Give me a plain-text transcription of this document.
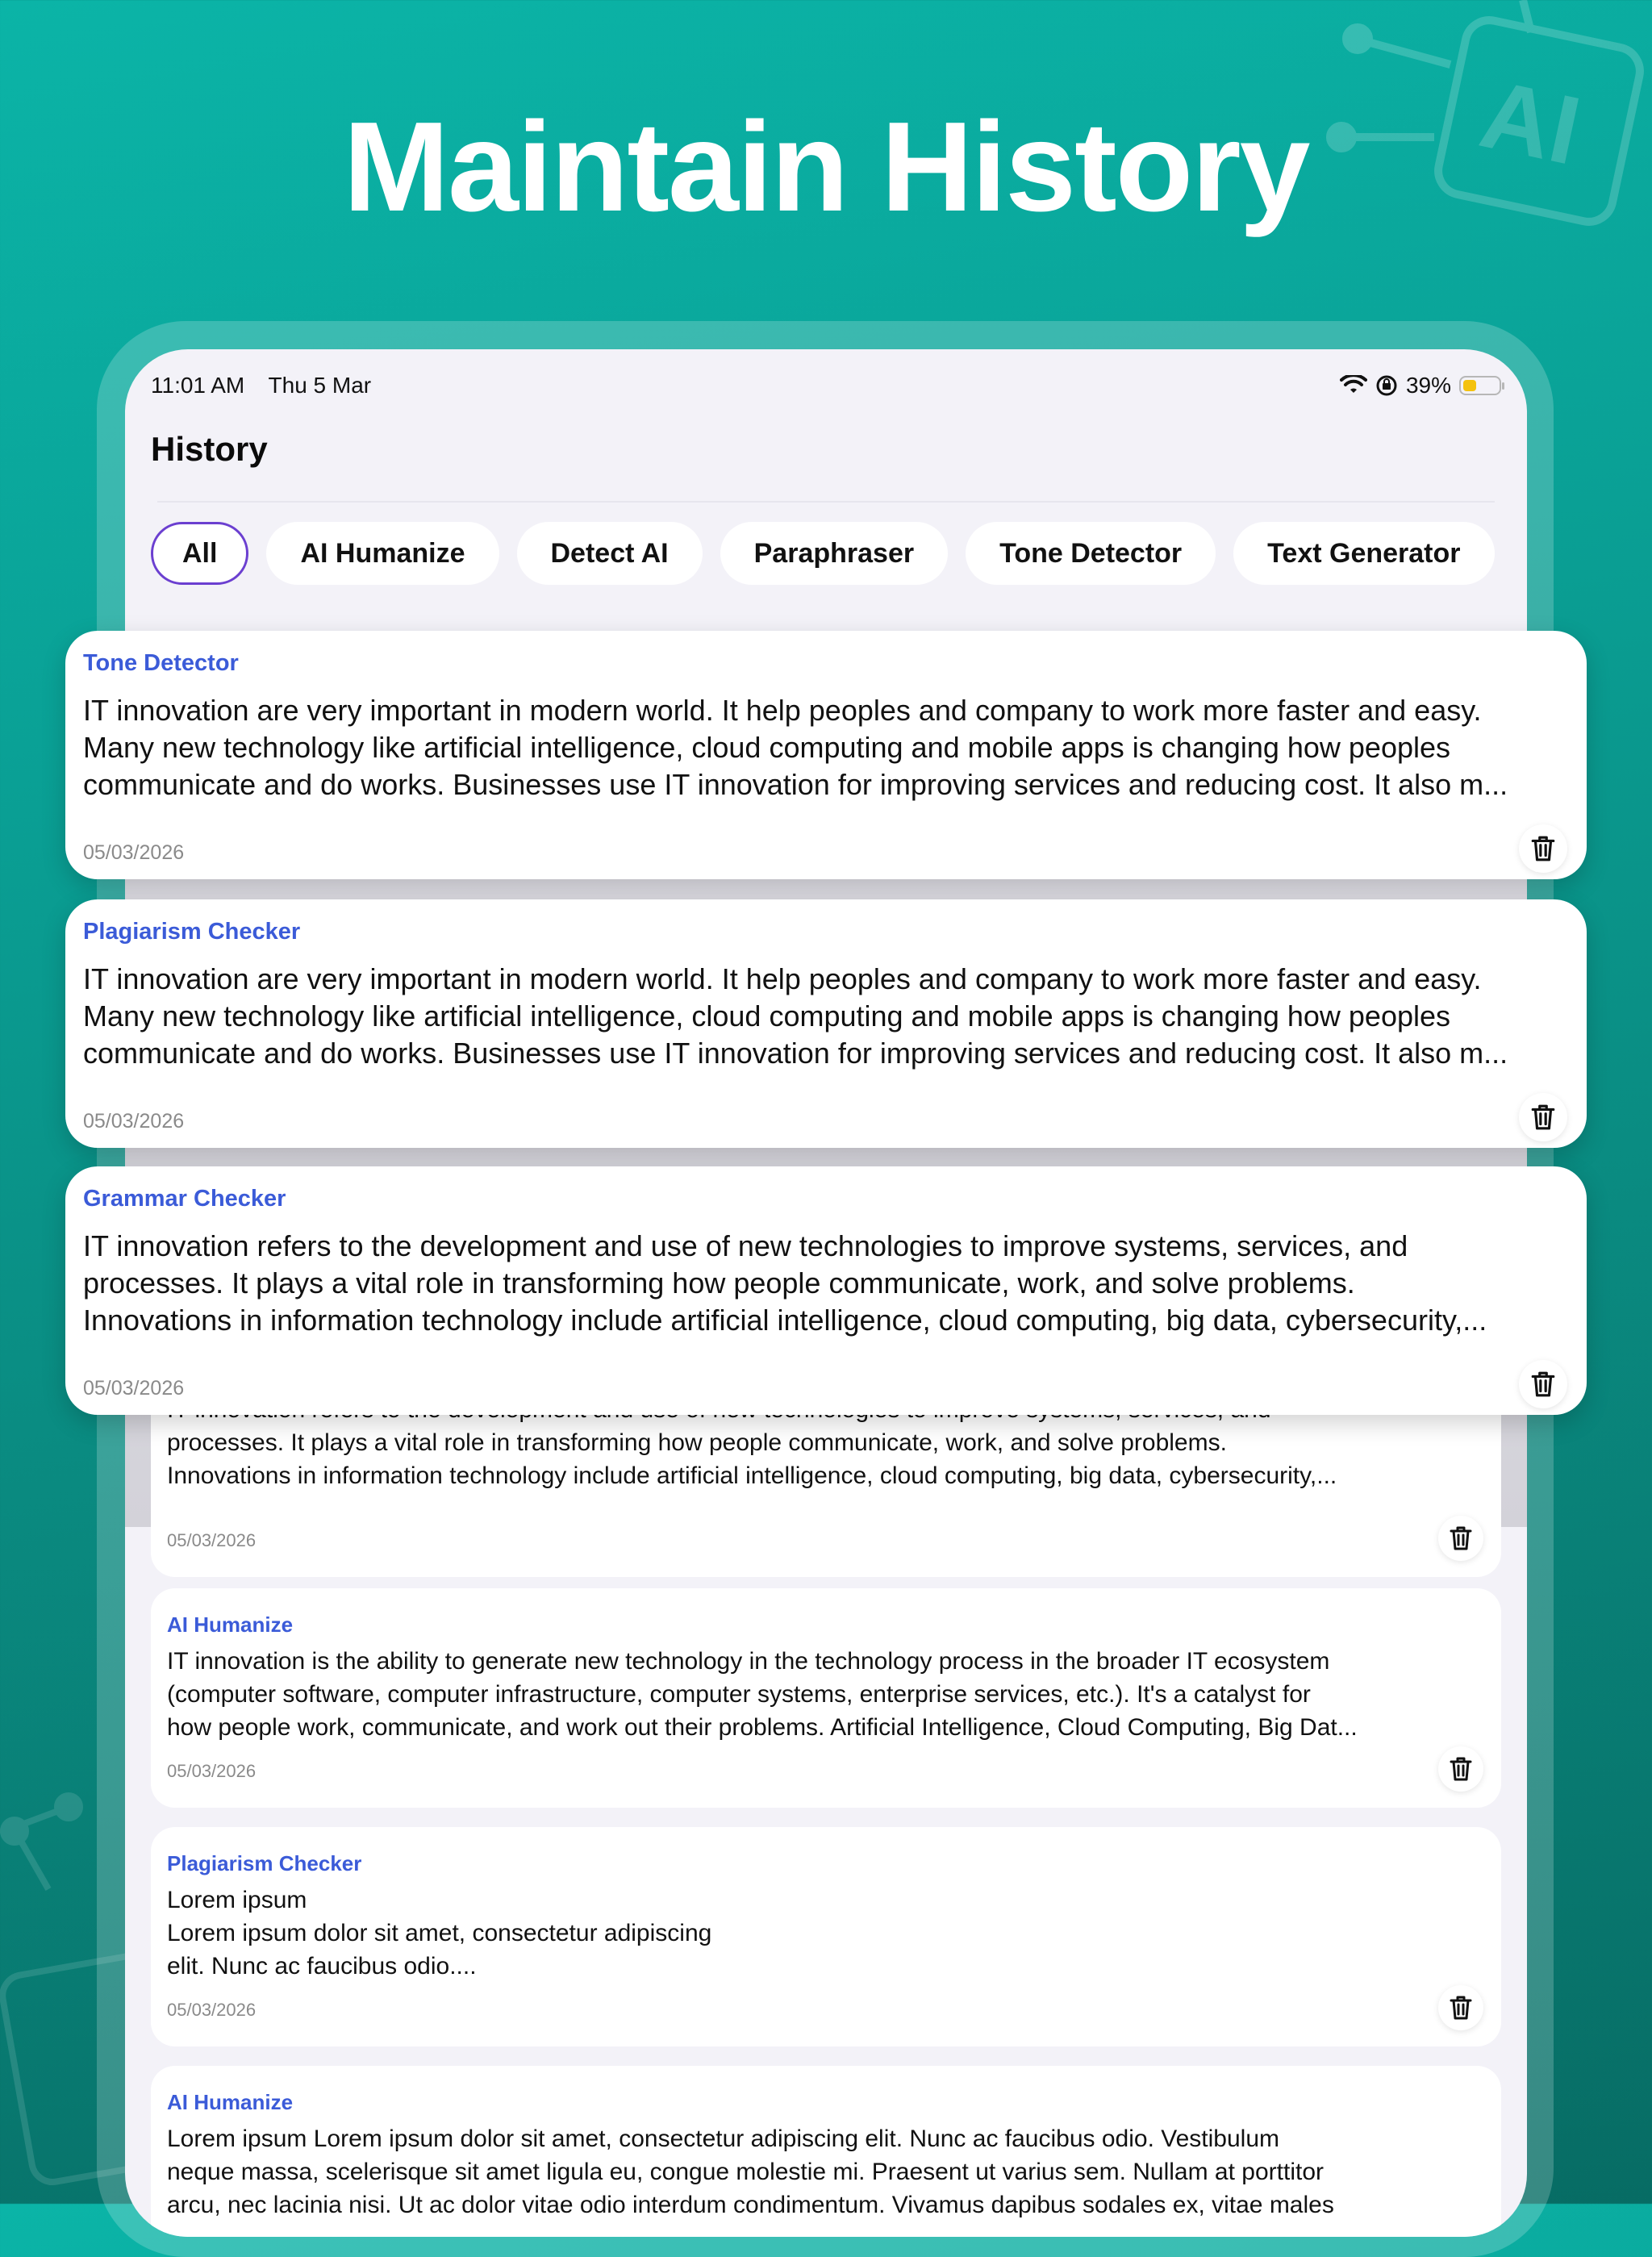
AI
Maintain History
11:01 AM Thu 5 Mar	39%
History
All	AI Humanize	Detect AI	Paraphraser	Tone Detector	Text Generator

processes. It plays a vital role in transforming how people communicate, work, and solve problems.

Innovations in information technology include artificial intelligence, cloud computing, big data, cybersecurity,...

05/03/2026
AI Humanize

IT innovation is the ability to generate new technology in the technology process in the broader IT ecosystem

(computer software, computer infrastructure, computer systems, enterprise services, etc.). It's a catalyst for

how people work, communicate, and work out their problems. Artificial Intelligence, Cloud Computing, Big Dat...

05/03/2026
Plagiarism Checker

Lorem ipsum

Lorem ipsum dolor sit amet, consectetur adipiscing

elit. Nunc ac faucibus odio....

05/03/2026
AI Humanize

Lorem ipsum Lorem ipsum dolor sit amet, consectetur adipiscing elit. Nunc ac faucibus odio. Vestibulum

neque massa, scelerisque sit amet ligula eu, congue molestie mi. Praesent ut varius sem. Nullam at porttitor

arcu, nec lacinia nisi. Ut ac dolor vitae odio interdum condimentum. Vivamus dapibus sodales ex, vitae males

Tone Detector

IT innovation are very important in modern world. It help peoples and company to work more faster and easy.

Many new technology like artificial intelligence, cloud computing and mobile apps is changing how peoples

communicate and do works. Businesses use IT innovation for improving services and reducing cost. It also m...

05/03/2026
Plagiarism Checker

IT innovation are very important in modern world. It help peoples and company to work more faster and easy.

Many new technology like artificial intelligence, cloud computing and mobile apps is changing how peoples

communicate and do works. Businesses use IT innovation for improving services and reducing cost. It also m...

05/03/2026
Grammar Checker

IT innovation refers to the development and use of new technologies to improve systems, services, and

processes. It plays a vital role in transforming how people communicate, work, and solve problems.

Innovations in information technology include artificial intelligence, cloud computing, big data, cybersecurity,...

05/03/2026
